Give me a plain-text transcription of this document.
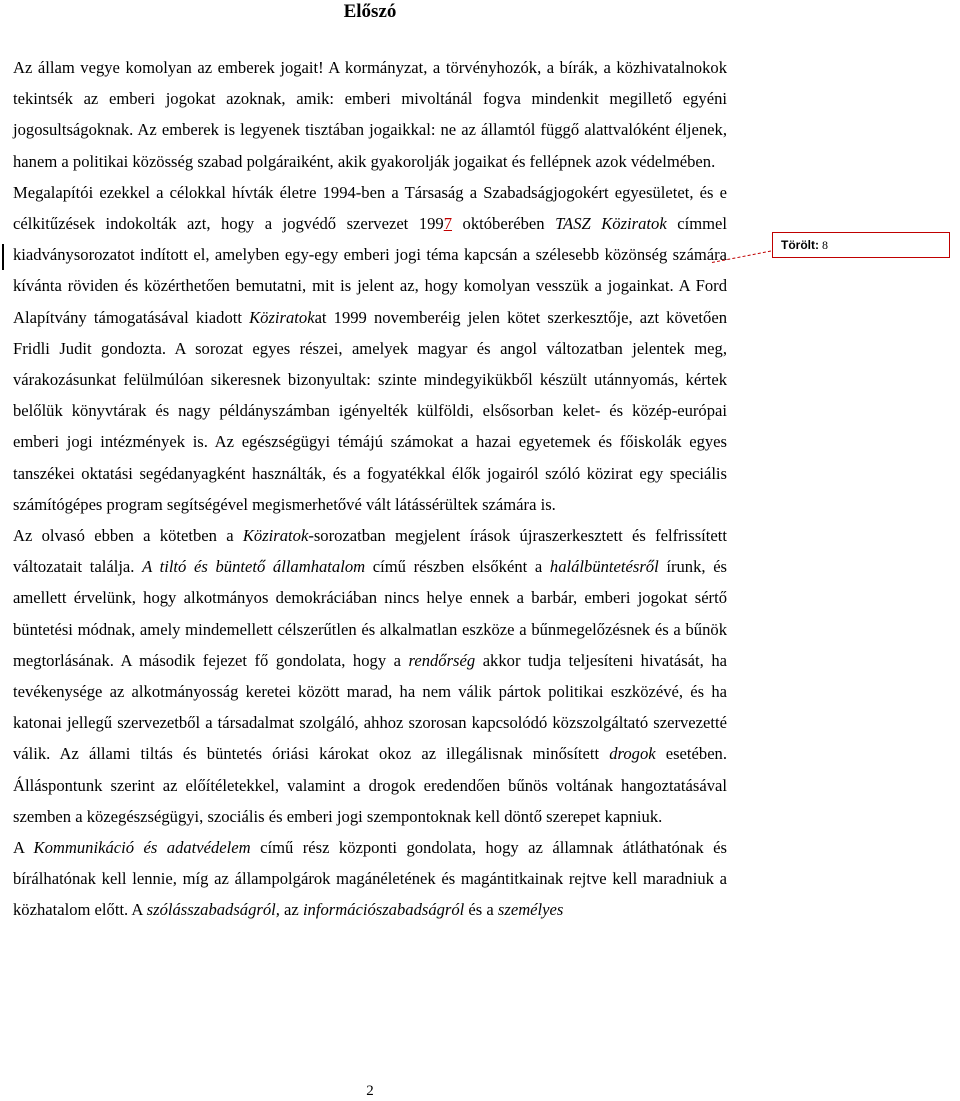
Előszó

Az állam vegye komolyan az emberek jogait! A kormányzat, a törvényhozók, a bírák, a közhivatalnokok tekintsék az emberi jogokat azoknak, amik: emberi mivoltánál fogva mindenkit megillető egyéni jogosultságoknak. Az emberek is legyenek tisztában jogaikkal: ne az államtól függő alattvalóként éljenek, hanem a politikai közösség szabad polgáraiként, akik gyakorolják jogaikat és fellépnek azok védelmében.

Megalapítói ezekkel a célokkal hívták életre 1994-ben a Társaság a Szabadságjogokért egyesületet, és e célkitűzések indokolták azt, hogy a jogvédő szervezet 1997 októberében TASZ Köziratok címmel kiadványsorozatot indított el, amelyben egy-egy emberi jogi téma kapcsán a szélesebb közönség számára kívánta röviden és közérthetően bemutatni, mit is jelent az, hogy komolyan vesszük a jogainkat. A Ford Alapítvány támogatásával kiadott Köziratokat 1999 novemberéig jelen kötet szerkesztője, azt követően Fridli Judit gondozta. A sorozat egyes részei, amelyek magyar és angol változatban jelentek meg, várakozásunkat felülmúlóan sikeresnek bizonyultak: szinte mindegyikükből készült utánnyomás, kértek belőlük könyvtárak és nagy példányszámban igényelték külföldi, elsősorban kelet- és közép-európai emberi jogi intézmények is. Az egészségügyi témájú számokat a hazai egyetemek és főiskolák egyes tanszékei oktatási segédanyagként használták, és a fogyatékkal élők jogairól szóló közirat egy speciális számítógépes program segítségével megismerhetővé vált látássérültek számára is.

Az olvasó ebben a kötetben a Köziratok-sorozatban megjelent írások újraszerkesztett és felfrissített változatait találja. A tiltó és büntető államhatalom című részben elsőként a halálbüntetésről írunk, és amellett érvelünk, hogy alkotmányos demokráciában nincs helye ennek a barbár, emberi jogokat sértő büntetési módnak, amely mindemellett célszerűtlen és alkalmatlan eszköze a bűnmegelőzésnek és a bűnök megtorlásának. A második fejezet fő gondolata, hogy a rendőrség akkor tudja teljesíteni hivatását, ha tevékenysége az alkotmányosság keretei között marad, ha nem válik pártok politikai eszközévé, és ha katonai jellegű szervezetből a társadalmat szolgáló, ahhoz szorosan kapcsolódó közszolgáltató szervezetté válik. Az állami tiltás és büntetés óriási károkat okoz az illegálisnak minősített drogok esetében. Álláspontunk szerint az előítéletekkel, valamint a drogok eredendően bűnös voltának hangoztatásával szemben a közegészségügyi, szociális és emberi jogi szempontoknak kell döntő szerepet kapniuk.

A Kommunikáció és adatvédelem című rész központi gondolata, hogy az államnak átláthatónak és bírálhatónak kell lennie, míg az állampolgárok magánéletének és magántitkainak rejtve kell maradniuk a közhatalom előtt. A szólásszabadságról, az információszabadságról és a személyes

Törölt: 8
2
